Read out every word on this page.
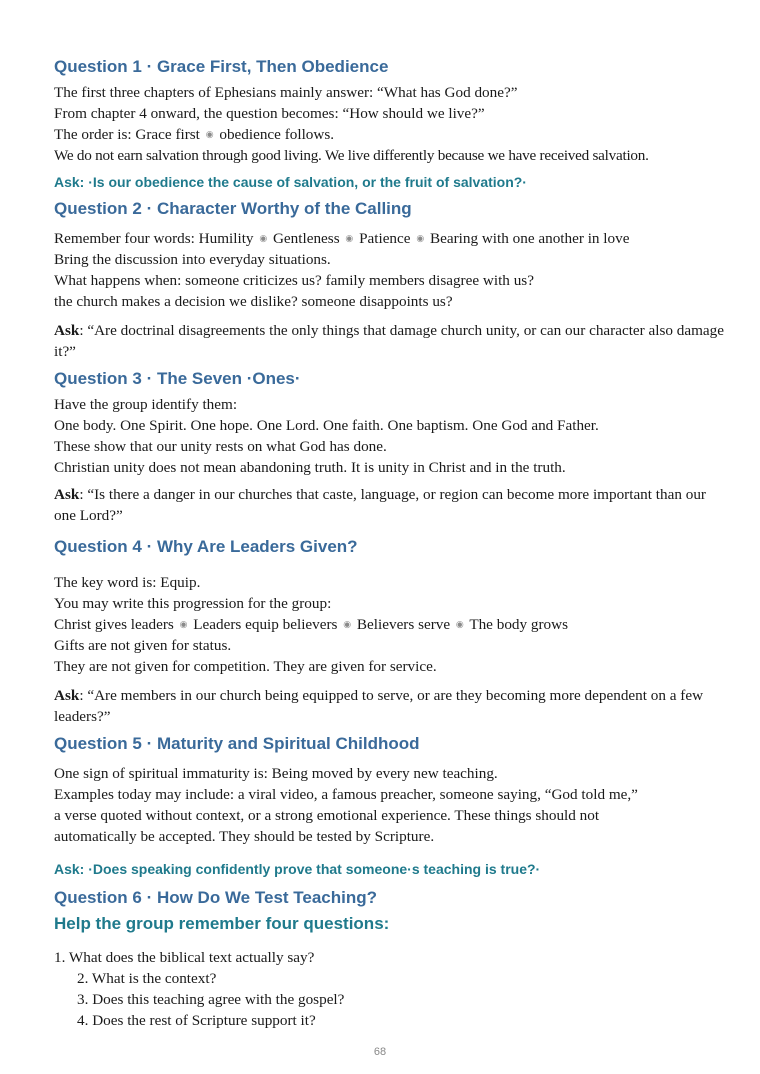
Question 1 · Grace First, Then Obedience

The first three chapters of Ephesians mainly answer: “What has God done?”

From chapter 4 onward, the question becomes: “How should we live?”

The order is: Grace first ◉ obedience follows.

We do not earn salvation through good living. We live differently because we have received salvation.

Ask: ·Is our obedience the cause of salvation, or the fruit of salvation?·

Question 2 · Character Worthy of the Calling

Remember four words: Humility ◉ Gentleness ◉ Patience ◉ Bearing with one another in love

Bring the discussion into everyday situations.

What happens when: someone criticizes us? family members disagree with us?

the church makes a decision we dislike? someone disappoints us?

Ask: “Are doctrinal disagreements the only things that damage church unity, or can our character also damage it?”

Question 3 · The Seven ·Ones·

Have the group identify them:

One body. One Spirit. One hope. One Lord. One faith. One baptism. One God and Father.

These show that our unity rests on what God has done.

Christian unity does not mean abandoning truth. It is unity in Christ and in the truth.

Ask: “Is there a danger in our churches that caste, language, or region can become more important than our one Lord?”

Question 4 · Why Are Leaders Given?

The key word is: Equip.

You may write this progression for the group:

Christ gives leaders ◉ Leaders equip believers ◉ Believers serve ◉ The body grows

Gifts are not given for status.

They are not given for competition. They are given for service.

Ask: “Are members in our church being equipped to serve, or are they becoming more dependent on a few leaders?”

Question 5 · Maturity and Spiritual Childhood

One sign of spiritual immaturity is: Being moved by every new teaching.

Examples today may include: a viral video, a famous preacher, someone saying, “God told me,”

a verse quoted without context, or a strong emotional experience. These things should not

automatically be accepted. They should be tested by Scripture.

Ask: ·Does speaking confidently prove that someone·s teaching is true?·

Question 6 · How Do We Test Teaching?
Help the group remember four questions:
1. What does the biblical text actually say?
2. What is the context?
3. Does this teaching agree with the gospel?
4. Does the rest of Scripture support it?
68
